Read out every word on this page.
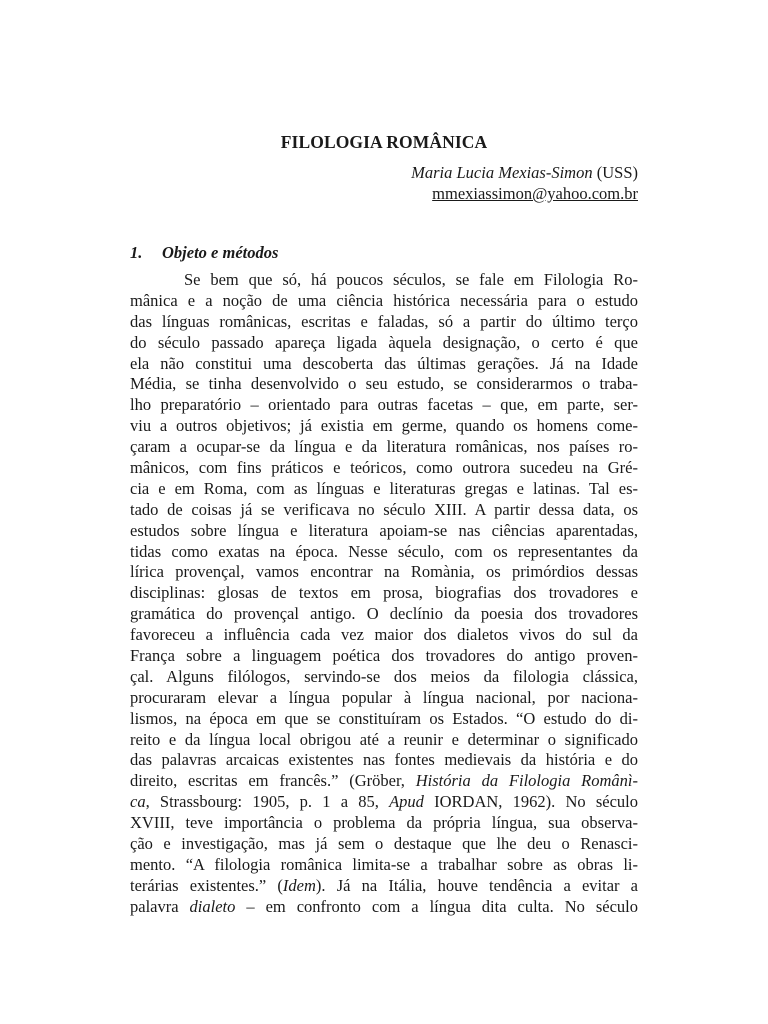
FILOLOGIA ROMÂNICA
Maria Lucia Mexias-Simon (USS)
mmexiassimon@yahoo.com.br
1. Objeto e métodos
Se bem que só, há poucos séculos, se fale em Filologia Ro-
mânica e a noção de uma ciência histórica necessária para o estudo
das línguas românicas, escritas e faladas, só a partir do último terço
do século passado apareça ligada àquela designação, o certo é que
ela não constitui uma descoberta das últimas gerações. Já na Idade
Média, se tinha desenvolvido o seu estudo, se considerarmos o traba-
lho preparatório – orientado para outras facetas – que, em parte, ser-
viu a outros objetivos; já existia em germe, quando os homens come-
çaram a ocupar-se da língua e da literatura românicas, nos países ro-
mânicos, com fins práticos e teóricos, como outrora sucedeu na Gré-
cia e em Roma, com as línguas e literaturas gregas e latinas. Tal es-
tado de coisas já se verificava no século XIII. A partir dessa data, os
estudos sobre língua e literatura apoiam-se nas ciências aparentadas,
tidas como exatas na época. Nesse século, com os representantes da
lírica provençal, vamos encontrar na Romània, os primórdios dessas
disciplinas: glosas de textos em prosa, biografias dos trovadores e
gramática do provençal antigo. O declínio da poesia dos trovadores
favoreceu a influência cada vez maior dos dialetos vivos do sul da
França sobre a linguagem poética dos trovadores do antigo proven-
çal. Alguns filólogos, servindo-se dos meios da filologia clássica,
procuraram elevar a língua popular à língua nacional, por naciona-
lismos, na época em que se constituíram os Estados. “O estudo do di-
reito e da língua local obrigou até a reunir e determinar o significado
das palavras arcaicas existentes nas fontes medievais da história e do
direito, escritas em francês.” (Gröber, História da Filologia Românì-
ca, Strassbourg: 1905, p. 1 a 85, Apud IORDAN, 1962). No século
XVIII, teve importância o problema da própria língua, sua observa-
ção e investigação, mas já sem o destaque que lhe deu o Renasci-
mento. “A filologia românica limita-se a trabalhar sobre as obras li-
terárias existentes.” (Idem). Já na Itália, houve tendência a evitar a
palavra dialeto – em confronto com a língua dita culta. No século
